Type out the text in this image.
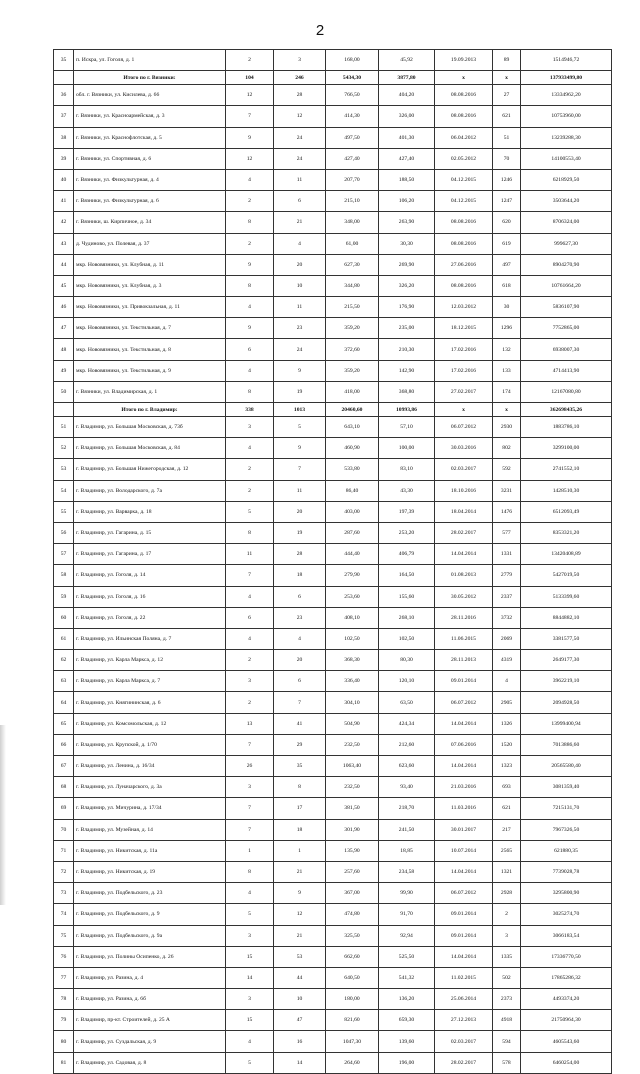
2
35	п. Искра, ул. Гоголя, д. 1	2	3	168,00	45,92	19.09.2013	89	1514946,72
	Итого по г. Вязники:	104	246	5434,30	3877,80	х	х	137933499,80
36	обл. г. Вязники, ул. Кисилева, д. 66	12	28	766,50	404,20	08.08.2016	27	13334962,20
37	г. Вязники, ул. Красноармейская, д. 3	7	12	414,30	326,00	08.08.2016	621	10753960,00
38	г. Вязники, ул. Краснофлотская, д. 5	9	24	497,50	401,30	06.04.2012	51	13239288,30
39	г. Вязники, ул. Спортивная, д. 6	12	24	427,40	427,40	02.05.2012	70	14100553,40
40	г. Вязники, ул. Физкультурная, д. 4	4	11	207,70	188,50	04.12.2015	1246	6218929,50
41	г. Вязники, ул. Физкультурная, д. 6	2	6	215,10	106,20	04.12.2015	1247	3503644,20
42	г. Вязники, ш. Кирпичное, д. 34	8	21	348,00	263,90	08.08.2016	620	8706324,00
43	д. Чудиново, ул. Полевая, д. 37	2	4	61,00	30,30	08.08.2016	619	999627,30
44	мкр. Нововязники, ул. Клубная, д. 11	9	20	627,30	269,90	27.06.2016	497	8904270,90
45	мкр. Нововязники, ул. Клубная, д. 3	8	10	344,80	326,20	08.08.2016	618	10761664,20
46	мкр. Нововязники, ул. Привокзальная, д. 11	4	11	215,50	176,90	12.03.2012	30	5836107,90
47	мкр. Нововязники, ул. Текстильная, д. 7	9	23	359,20	235,00	18.12.2015	1296	7752865,00
48	мкр. Нововязники, ул. Текстильная, д. 8	6	24	372,60	210,30	17.02.2016	132	6938007,30
49	мкр. Нововязники, ул. Текстильная, д. 9	4	9	359,20	142,90	17.02.2016	133	4714413,90
50	г. Вязники, ул. Владимирская, д. 1	8	19	418,00	368,80	27.02.2017	174	12167080,80
	Итого по г. Владимир:	338	1013	20460,60	10993,86	х	х	362698435,26
51	г. Владимир, ул. Большая Московская, д. 73б	3	5	643,10	57,10	06.07.2012	2930	1883786,10
52	г. Владимир, ул. Большая Московская, д. 84	4	9	460,90	100,00	30.03.2016	802	3299100,00
53	г. Владимир, ул. Большая Нижегородская, д. 12	2	7	533,80	83,10	02.03.2017	592	2741552,10
54	г. Владимир, ул. Володарского, д. 7а	2	11	86,40	43,30	18.10.2016	3231	1428510,30
55	г. Владимир, ул. Варварка, д. 18	5	20	403,00	197,39	18.04.2014	1476	6512093,49
56	г. Владимир, ул. Гагарина, д. 15	8	19	287,60	253,20	28.02.2017	577	8353321,20
57	г. Владимир, ул. Гагарина, д. 17	11	28	444,40	406,79	14.04.2014	1331	13420408,89
58	г. Владимир, ул. Гоголя, д. 14	7	18	279,90	164,50	01.08.2013	2779	5427019,50
59	г. Владимир, ул. Гоголя, д. 16	4	6	253,60	155,60	30.05.2012	2337	5133399,60
60	г. Владимир, ул. Гоголя, д. 22	6	23	408,10	268,10	28.11.2016	3732	8844882,10
61	г. Владимир, ул. Ильинская Поляна, д. 7	4	4	102,50	102,50	11.06.2015	2069	3381577,50
62	г. Владимир, ул. Карла Маркса, д. 12	2	20	368,30	80,30	28.11.2013	4319	2649177,30
63	г. Владимир, ул. Карла Маркса, д. 7	3	6	336,40	120,10	09.01.2014	4	3962219,10
64	г. Владимир, ул. Княгининская, д. 6	2	7	304,10	63,50	06.07.2012	2905	2094928,50
65	г. Владимир, ул. Комсомольская, д. 12	13	41	504,90	424,34	14.04.2014	1326	13999400,94
66	г. Владимир, ул. Крупской, д. 1/70	7	29	232,50	212,60	07.06.2016	1520	7013886,60
67	г. Владимир, ул. Ленина, д. 16/34	26	35	1063,40	623,60	14.04.2014	1323	20565580,40
68	г. Владимир, ул. Луначарского, д. 3а	3	8	232,50	93,40	21.03.2016	693	3081359,40
69	г. Владимир, ул. Мичурина, д. 17/34	7	17	381,50	218,70	11.03.2016	621	7215131,70
70	г. Владимир, ул. Музейная, д. 14	7	18	301,90	241,50	30.01.2017	217	7967326,50
71	г. Владимир, ул. Никитская, д. 11а	1	1	135,90	18,85	10.07.2014	2565	621880,35
72	г. Владимир, ул. Никитская, д. 19	8	21	257,60	234,58	14.04.2014	1321	7739028,78
73	г. Владимир, ул. Подбельского, д. 23	4	9	367,00	99,90	06.07.2012	2928	3295800,90
74	г. Владимир, ул. Подбельского, д. 9	5	12	474,80	91,70	09.01.2014	2	3025274,70
75	г. Владимир, ул. Подбельского, д. 9а	3	21	325,50	92,94	09.01.2014	3	3066183,54
76	г. Владимир, ул. Полины Осипенко, д. 26	15	53	662,60	525,50	14.04.2014	1335	17336770,50
77	г. Владимир, ул. Разина, д. 4	14	44	640,50	541,32	11.02.2015	502	17865286,32
78	г. Владимир, ул. Разина, д. 6б	3	10	180,00	136,20	25.06.2014	2373	4493374,20
79	г. Владимир, пр-кт. Строителей, д. 25 А	15	47	821,60	659,30	27.12.2013	4918	21750964,30
80	г. Владимир, ул. Суздальская, д. 9	4	16	1047,30	139,60	02.03.2017	594	4605543,60
81	г. Владимир, ул. Садовая, д. 8	5	14	264,60	196,00	28.02.2017	578	6460254,00
